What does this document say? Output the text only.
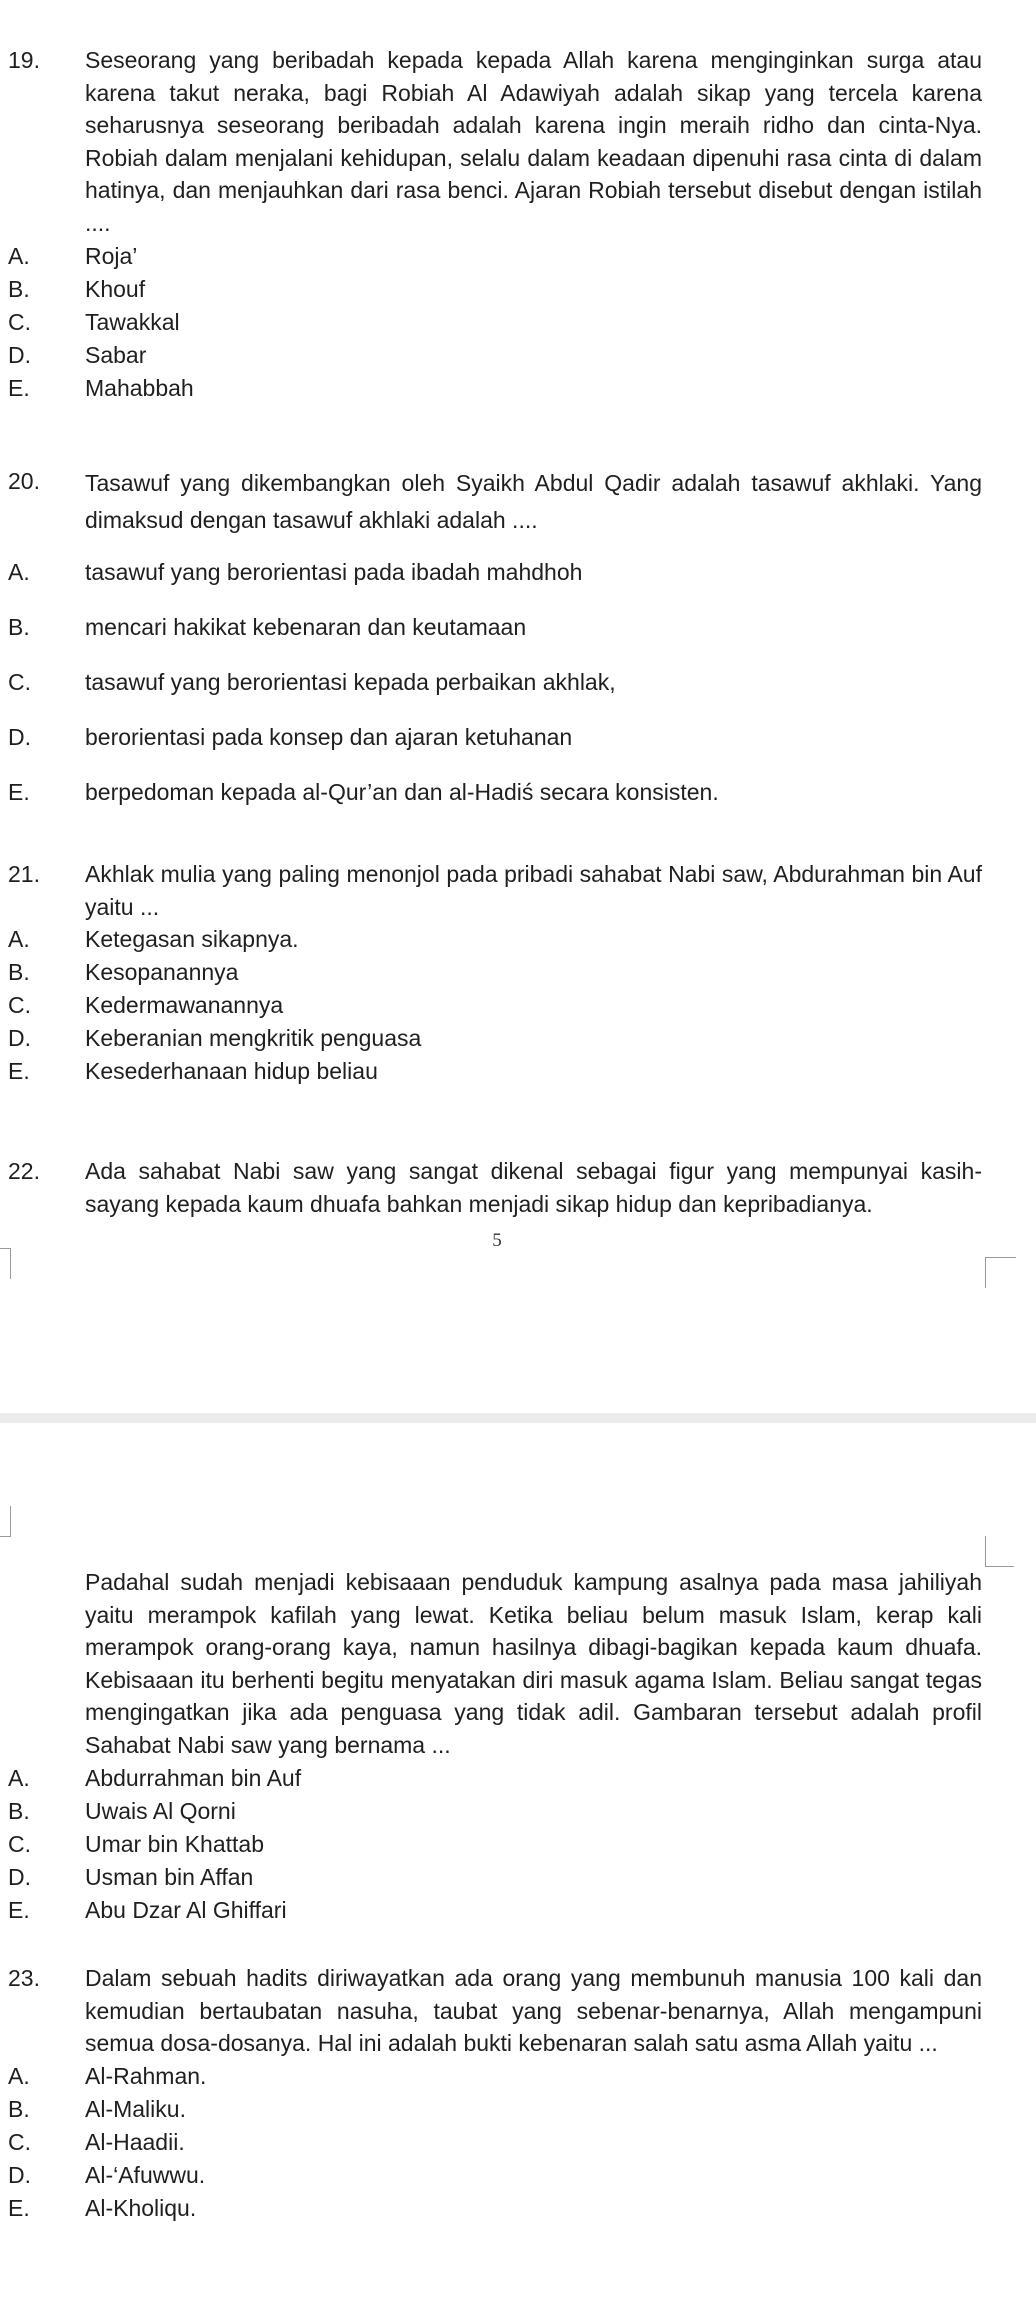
19. Seseorang yang beribadah kepada kepada Allah karena menginginkan surga atau karena takut neraka, bagi Robiah Al Adawiyah adalah sikap yang tercela karena seharusnya seseorang beribadah adalah karena ingin meraih ridho dan cinta-Nya. Robiah dalam menjalani kehidupan, selalu dalam keadaan dipenuhi rasa cinta di dalam hatinya, dan menjauhkan dari rasa benci. Ajaran Robiah tersebut disebut dengan istilah ....
A. Roja’
B. Khouf
C. Tawakkal
D. Sabar
E. Mahabbah
20. Tasawuf yang dikembangkan oleh Syaikh Abdul Qadir adalah tasawuf akhlaki. Yang dimaksud dengan tasawuf akhlaki adalah ....
A. tasawuf yang berorientasi pada ibadah mahdhoh
B. mencari hakikat kebenaran dan keutamaan
C. tasawuf yang berorientasi kepada perbaikan akhlak,
D. berorientasi pada konsep dan ajaran ketuhanan
E. berpedoman kepada al-Qur’an dan al-Hadiś secara konsisten.
21. Akhlak mulia yang paling menonjol pada pribadi sahabat Nabi saw, Abdurahman bin Auf yaitu ...
A. Ketegasan sikapnya.
B. Kesopanannya
C. Kedermawanannya
D. Keberanian mengkritik penguasa
E. Kesederhanaan hidup beliau
22. Ada sahabat Nabi saw yang sangat dikenal sebagai figur yang mempunyai kasih-sayang kepada kaum dhuafa bahkan menjadi sikap hidup dan kepribadianya.
5
Padahal sudah menjadi kebisaaan penduduk kampung asalnya pada masa jahiliyah yaitu merampok kafilah yang lewat. Ketika beliau belum masuk Islam, kerap kali merampok orang-orang kaya, namun hasilnya dibagi-bagikan kepada kaum dhuafa. Kebisaaan itu berhenti begitu menyatakan diri masuk agama Islam. Beliau sangat tegas mengingatkan jika ada penguasa yang tidak adil. Gambaran tersebut adalah profil Sahabat Nabi saw yang bernama ...
A. Abdurrahman bin Auf
B. Uwais Al Qorni
C. Umar bin Khattab
D. Usman bin Affan
E. Abu Dzar Al Ghiffari
23. Dalam sebuah hadits diriwayatkan ada orang yang membunuh manusia 100 kali dan kemudian bertaubatan nasuha, taubat yang sebenar-benarnya, Allah mengampuni semua dosa-dosanya. Hal ini adalah bukti kebenaran salah satu asma Allah yaitu ...
A. Al-Rahman.
B. Al-Maliku.
C. Al-Haadii.
D. Al-‘Afuwwu.
E. Al-Kholiqu.
